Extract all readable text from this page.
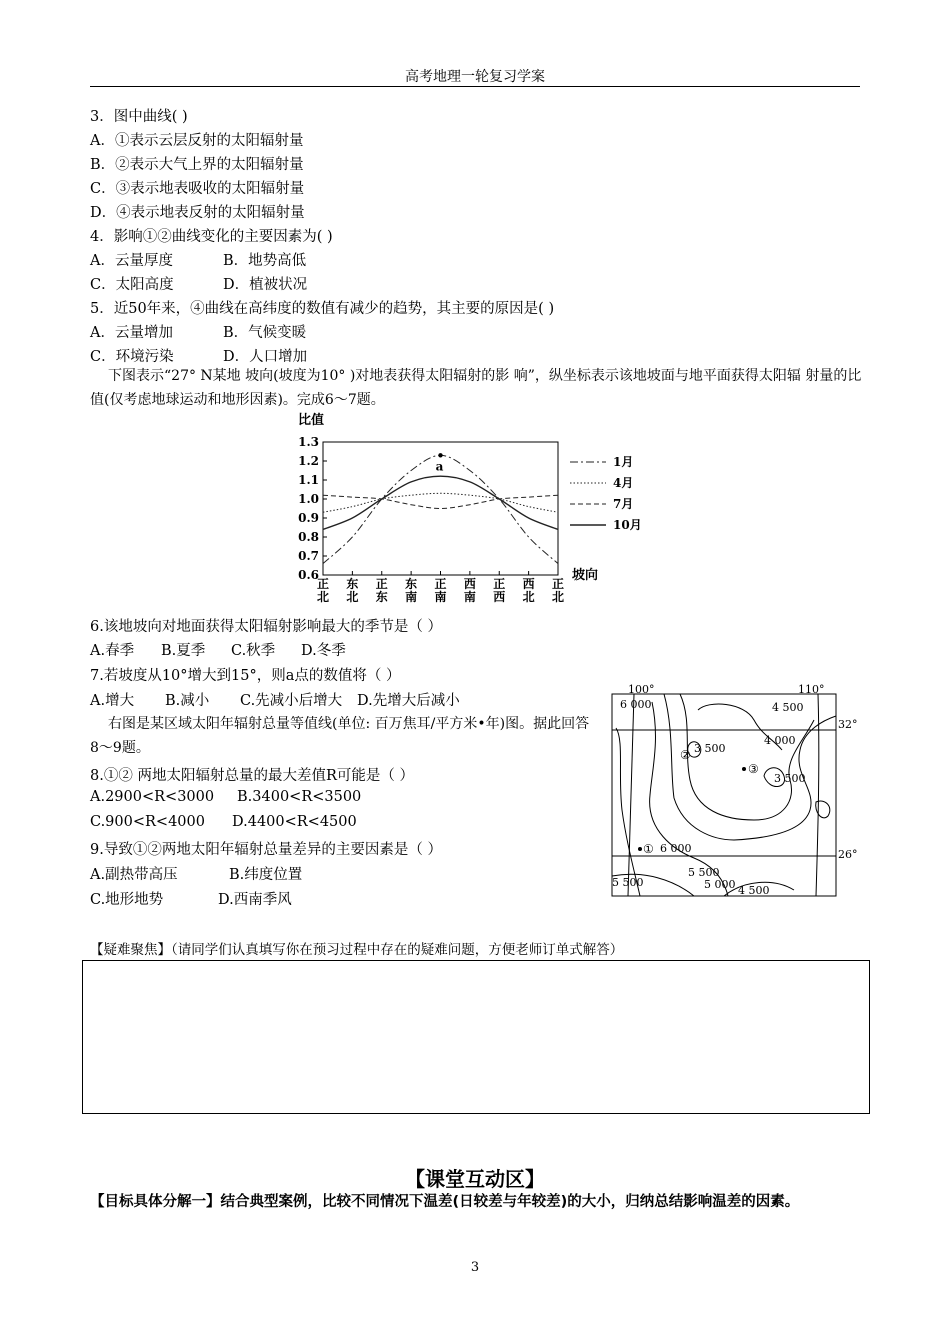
高考地理一轮复习学案
3．图中曲线( )
A．①表示云层反射的太阳辐射量
B．②表示大气上界的太阳辐射量
C．③表示地表吸收的太阳辐射量
D．④表示地表反射的太阳辐射量
4．影响①②曲线变化的主要因素为( )
A．云量厚度	B．地势高低
C．太阳高度	D．植被状况
5．近50年来，④曲线在高纬度的数值有减少的趋势，其主要的原因是( )
A．云量增加	B．气候变暖
C．环境污染	D．人口增加
下图表示“27° N某地 坡向(坡度为10° )对地表获得太阳辐射的影 响”，纵坐标表示该地坡面与地平面获得太阳辐 射量的比值(仅考虑地球运动和地形因素)。完成6～7题。
比值
坡向
0.6
0.7
0.8
0.9
1.0
1.1
1.2
1.3
正
北
东
北
正
东
东
南
正
南
西
南
正
西
西
北
正
北
a	1月
4月
7月
10月
6.该地坡向对地面获得太阳辐射影响最大的季节是（ ）
A.春季 B.夏季 C.秋季 D.冬季
7.若坡度从10°增大到15°，则a点的数值将（ ）
A.增大 B.减小 C.先减小后增大 D.先增大后减小
右图是某区域太阳年辐射总量等值线(单位: 百万焦耳/平方米•年)图。据此回答8～9题。
8.①② 两地太阳辐射总量的最大差值R可能是（ ）
A.2900<R<3000 B.3400<R<3500
C.900<R<4000 D.4400<R<4500
9.导致①②两地太阳年辐射总量差异的主要因素是（ ）
A.副热带高压	B.纬度位置
C.地形地势	D.西南季风
100°	110°
32°
26°
6 000	4 500
4 000
3 500
3 500
6 000
5 500
5 500	5 000 4 500
①
②
③
【疑难聚焦】（请同学们认真填写你在预习过程中存在的疑难问题，方便老师订单式解答）
【课堂互动区】
【目标具体分解一】结合典型案例，比较不同情况下温差(日较差与年较差)的大小，归纳总结影响温差的因素。
3
